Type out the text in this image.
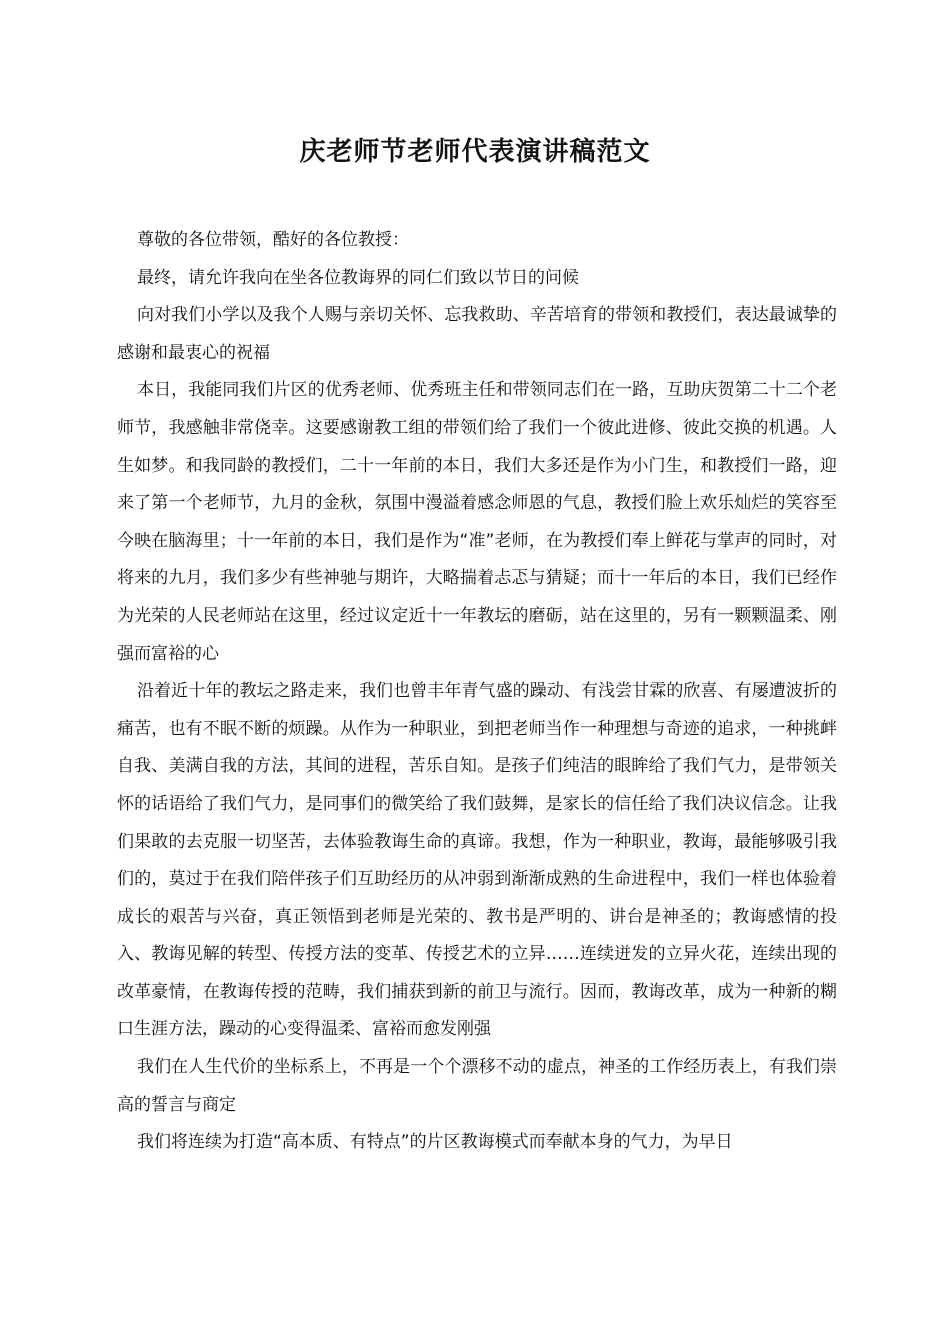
庆老师节老师代表演讲稿范文

尊敬的各位带领，酷好的各位教授：

最终，请允许我向在坐各位教诲界的同仁们致以节日的问候

向对我们小学以及我个人赐与亲切关怀、忘我救助、辛苦培育的带领和教授们，表达最诚挚的感谢和最衷心的祝福

本日，我能同我们片区的优秀老师、优秀班主任和带领同志们在一路，互助庆贺第二十二个老师节，我感触非常侥幸。这要感谢教工组的带领们给了我们一个彼此进修、彼此交换的机遇。人生如梦。和我同龄的教授们，二十一年前的本日，我们大多还是作为小门生，和教授们一路，迎来了第一个老师节，九月的金秋，氛围中漫溢着感念师恩的气息，教授们脸上欢乐灿烂的笑容至今映在脑海里；十一年前的本日，我们是作为“准”老师，在为教授们奉上鲜花与掌声的同时，对将来的九月，我们多少有些神驰与期许，大略揣着忐忑与猜疑；而十一年后的本日，我们已经作为光荣的人民老师站在这里，经过议定近十一年教坛的磨砺，站在这里的，另有一颗颗温柔、刚强而富裕的心

沿着近十年的教坛之路走来，我们也曾丰年青气盛的躁动、有浅尝甘霖的欣喜、有屡遭波折的痛苦，也有不眠不断的烦躁。从作为一种职业，到把老师当作一种理想与奇迹的追求，一种挑衅自我、美满自我的方法，其间的进程，苦乐自知。是孩子们纯洁的眼眸给了我们气力，是带领关怀的话语给了我们气力，是同事们的微笑给了我们鼓舞，是家长的信任给了我们决议信念。让我们果敢的去克服一切坚苦，去体验教诲生命的真谛。我想，作为一种职业，教诲，最能够吸引我们的，莫过于在我们陪伴孩子们互助经历的从冲弱到渐渐成熟的生命进程中，我们一样也体验着成长的艰苦与兴奋，真正领悟到老师是光荣的、教书是严明的、讲台是神圣的；教诲感情的投入、教诲见解的转型、传授方法的变革、传授艺术的立异……连续迸发的立异火花，连续出现的改革豪情，在教诲传授的范畴，我们捕获到新的前卫与流行。因而，教诲改革，成为一种新的糊口生涯方法，躁动的心变得温柔、富裕而愈发刚强

我们在人生代价的坐标系上，不再是一个个漂移不动的虚点，神圣的工作经历表上，有我们崇高的誓言与商定

我们将连续为打造“高本质、有特点”的片区教诲模式而奉献本身的气力，为早日
